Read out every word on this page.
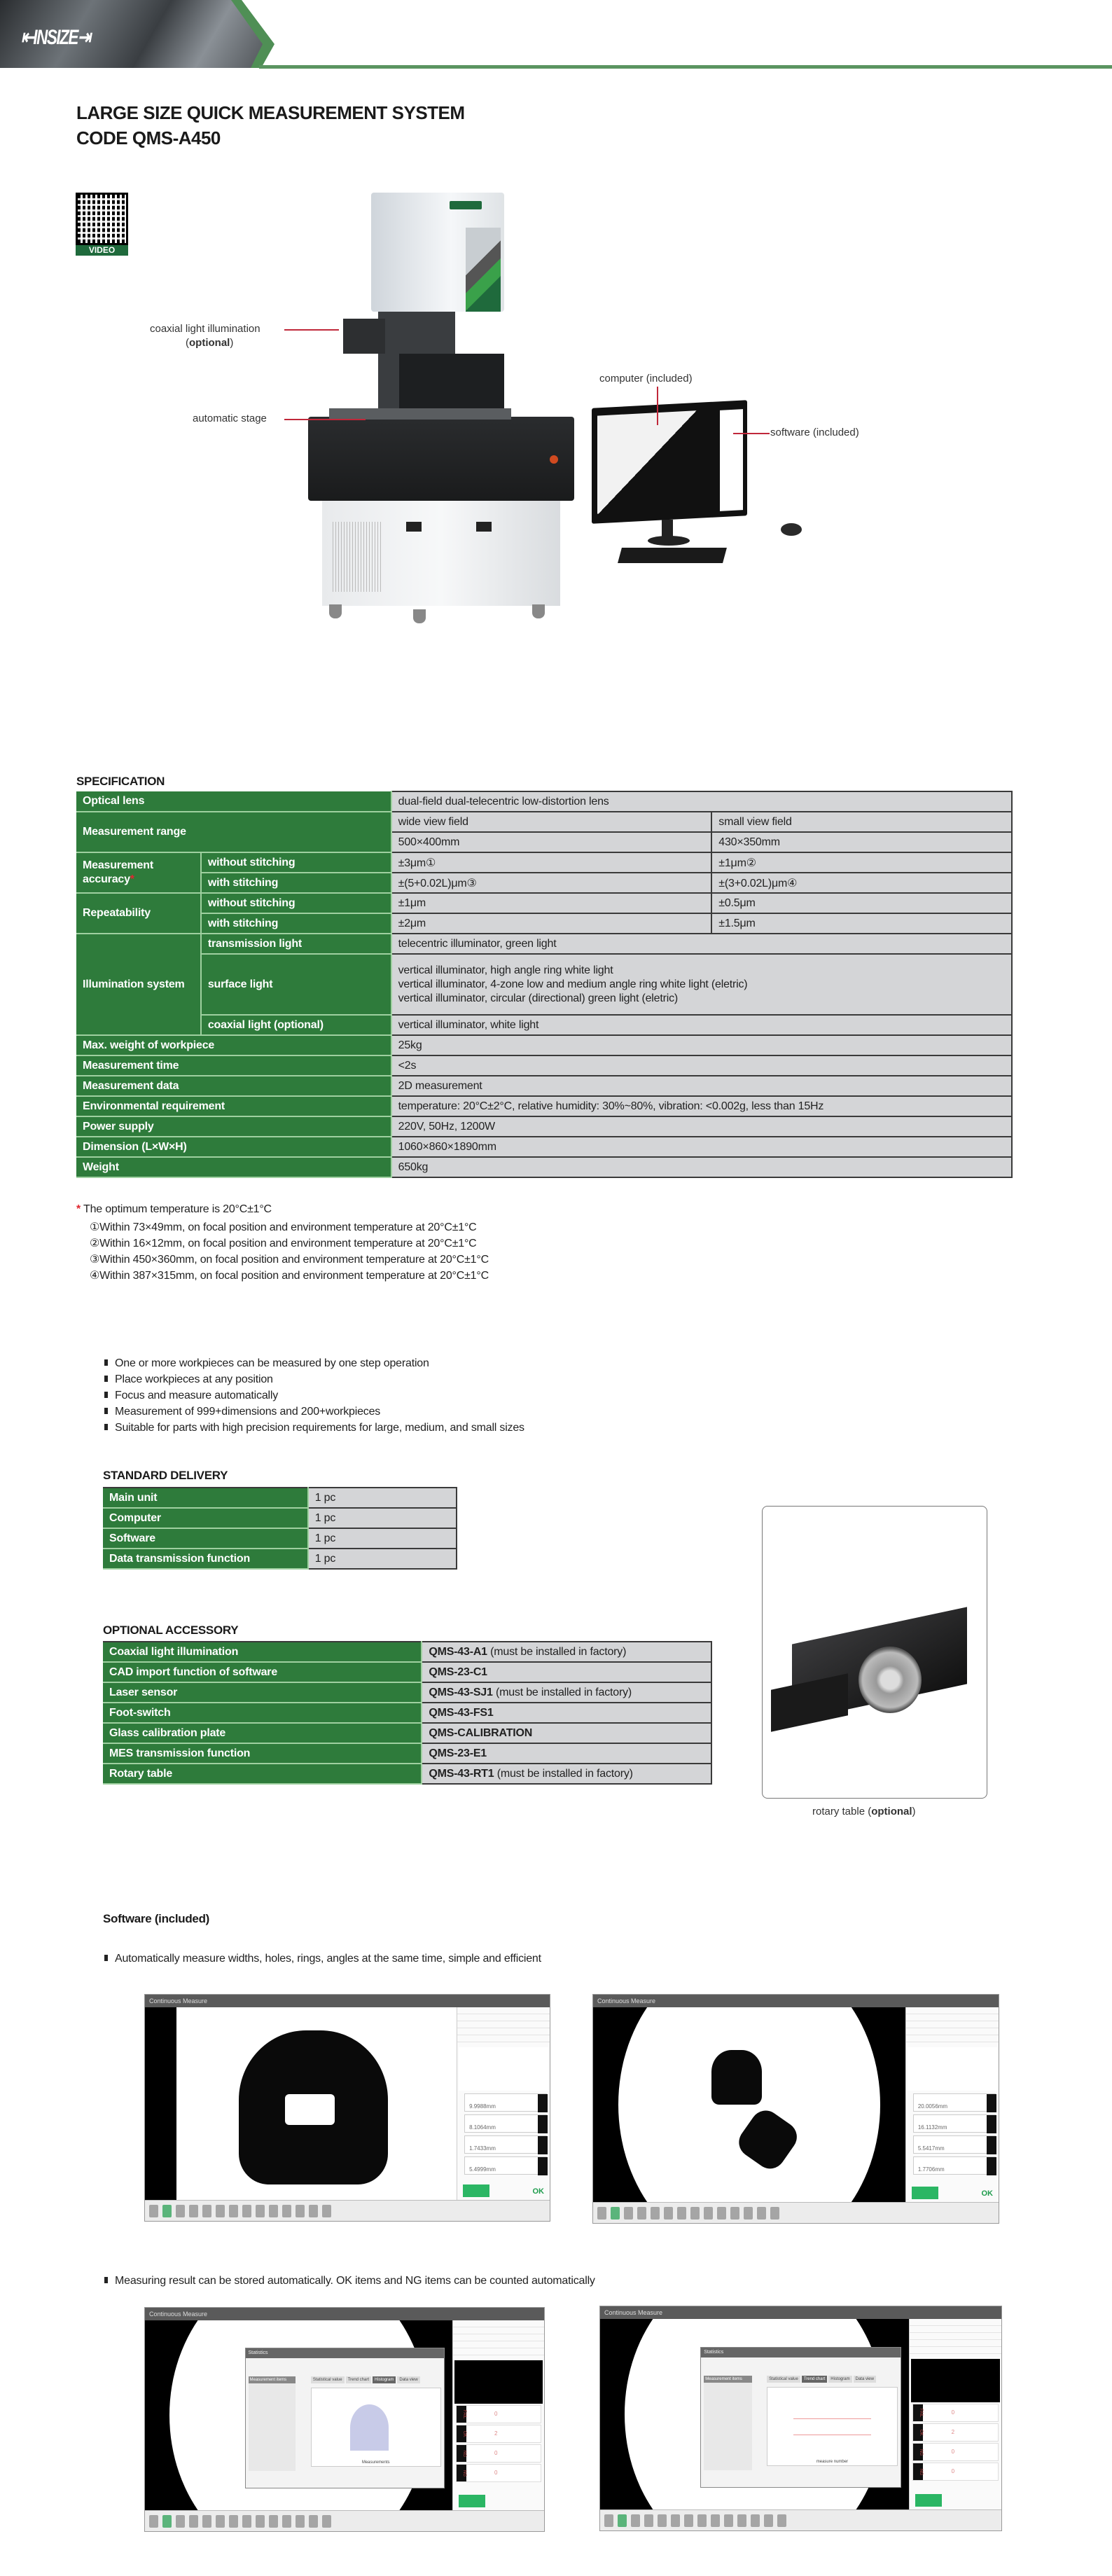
⇤INSIZE⇥
LARGE SIZE QUICK MEASUREMENT SYSTEM
CODE QMS-A450
VIDEO
coaxial light illumination
(optional)
automatic stage
computer (included)
software (included)
SPECIFICATION
Optical lens		dual-field dual-telecentric low-distortion lens	
Measurement range		wide view field	small view field
		500×400mm	430×350mm
Measurement accuracy*	without stitching	±3μm①	±1μm②
	with stitching	±(5+0.02L)μm③	±(3+0.02L)μm④
Repeatability	without stitching	±1μm	±0.5μm
	with stitching	±2μm	±1.5μm
Illumination system	transmission light	telecentric illuminator, green light	
	surface light	vertical illuminator, high angle ring white light
vertical illuminator, 4-zone low and medium angle ring white light (eletric)
vertical illuminator, circular (directional) green light (eletric)	

	coaxial light (optional)	vertical illuminator, white light	
Max. weight of workpiece		25kg	
Measurement time		<2s	
Measurement data		2D measurement	
Environmental requirement		temperature: 20°C±2°C, relative humidity: 30%~80%, vibration: <0.002g, less than 15Hz	
Power supply		220V, 50Hz, 1200W	
Dimension (L×W×H)		1060×860×1890mm	
Weight		650kg	
* The optimum temperature is 20°C±1°C
①Within 73×49mm, on focal position and environment temperature at 20°C±1°C
②Within 16×12mm, on focal position and environment temperature at 20°C±1°C
③Within 450×360mm, on focal position and environment temperature at 20°C±1°C
④Within 387×315mm, on focal position and environment temperature at 20°C±1°C
One or more workpieces can be measured by one step operation
Place workpieces at any position
Focus and measure automatically
Measurement of 999+dimensions and 200+workpieces
Suitable for parts with high precision requirements for large, medium, and small sizes
STANDARD DELIVERY
Main unit	1 pc
Computer	1 pc
Software	1 pc
Data transmission function	1 pc
OPTIONAL ACCESSORY
Coaxial light illumination	QMS-43-A1 (must be installed in factory)
CAD import function of software	QMS-23-C1
Laser sensor	QMS-43-SJ1 (must be installed in factory)
Foot-switch	QMS-43-FS1
Glass calibration plate	QMS-CALIBRATION
MES transmission function	QMS-23-E1
Rotary table	QMS-43-RT1 (must be installed in factory)
rotary table (optional)
Software (included)
Automatically measure widths, holes, rings, angles at the same time, simple and efficient
Measuring result can be stored automatically. OK items and NG items can be counted automatically
Continuous Measure
9.9988mm
8.1064mm
1.7433mm
5.4999mm
OK
Continuous Measure
20.0056mm
16.1132mm
5.5417mm
1.7706mm
OK
Continuous Measure
FAIL	0
OK	2
NG	0
NG	0
Statistics
Measurement items	Statistical value Trend chart Histogram Data view
Measurements
Continuous Measure
FAIL	0
OK	2
NG	0
NG	0
Statistics
Measurement items	Statistical value Trend chart Histogram Data view
measure number
